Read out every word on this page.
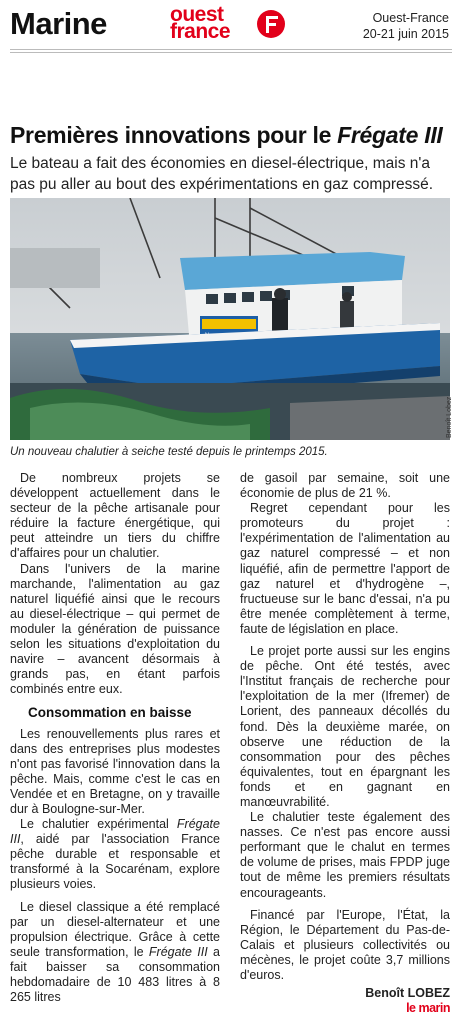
Marine	ouest
france
Ouest-France
20-21 juin 2015
Premières innovations pour le Frégate III
Le bateau a fait des économies en diesel-électrique, mais n'a pas pu aller au bout des expérimentations en gaz compressé.
Benoît Lobez
Un nouveau chalutier à seiche testé depuis le printemps 2015.

De nombreux projets se développent actuellement dans le secteur de la pêche artisanale pour réduire la facture énergétique, qui peut atteindre un tiers du chiffre d'affaires pour un chalutier.

Dans l'univers de la marine marchande, l'alimentation au gaz naturel liquéfié ainsi que le recours au diesel-électrique – qui permet de moduler la génération de puissance selon les situations d'exploitation du navire – avancent désormais à grands pas, en étant parfois combinés entre eux.

Consommation en baisse

Les renouvellements plus rares et dans des entreprises plus modestes n'ont pas favorisé l'innovation dans la pêche. Mais, comme c'est le cas en Vendée et en Bretagne, on y travaille dur à Boulogne-sur-Mer.

Le chalutier expérimental Frégate III, aidé par l'association France pêche durable et responsable et transformé à la Socarénam, explore plusieurs voies.

Le diesel classique a été remplacé par un diesel-alternateur et une propulsion électrique. Grâce à cette seule transformation, le Frégate III a fait baisser sa consommation hebdomadaire de 10 483 litres à 8 265 litres

de gasoil par semaine, soit une économie de plus de 21 %.

Regret cependant pour les promoteurs du projet : l'expérimentation de l'alimentation au gaz naturel compressé – et non liquéfié, afin de permettre l'apport de gaz naturel et d'hydrogène –, fructueuse sur le banc d'essai, n'a pu être menée complètement à terme, faute de législation en place.

Le projet porte aussi sur les engins de pêche. Ont été testés, avec l'Institut français de recherche pour l'exploitation de la mer (Ifremer) de Lorient, des panneaux décollés du fond. Dès la deuxième marée, on observe une réduction de la consommation pour des pêches équivalentes, tout en épargnant les fonds et en gagnant en manœuvrabilité.

Le chalutier teste également des nasses. Ce n'est pas encore aussi performant que le chalut en termes de volume de prises, mais FPDP juge tout de même les premiers résultats encourageants.

Financé par l'Europe, l'État, la Région, le Département du Pas-de-Calais et plusieurs collectivités ou mécènes, le projet coûte 3,7 millions d'euros.

Benoît LOBEZ
le marin
